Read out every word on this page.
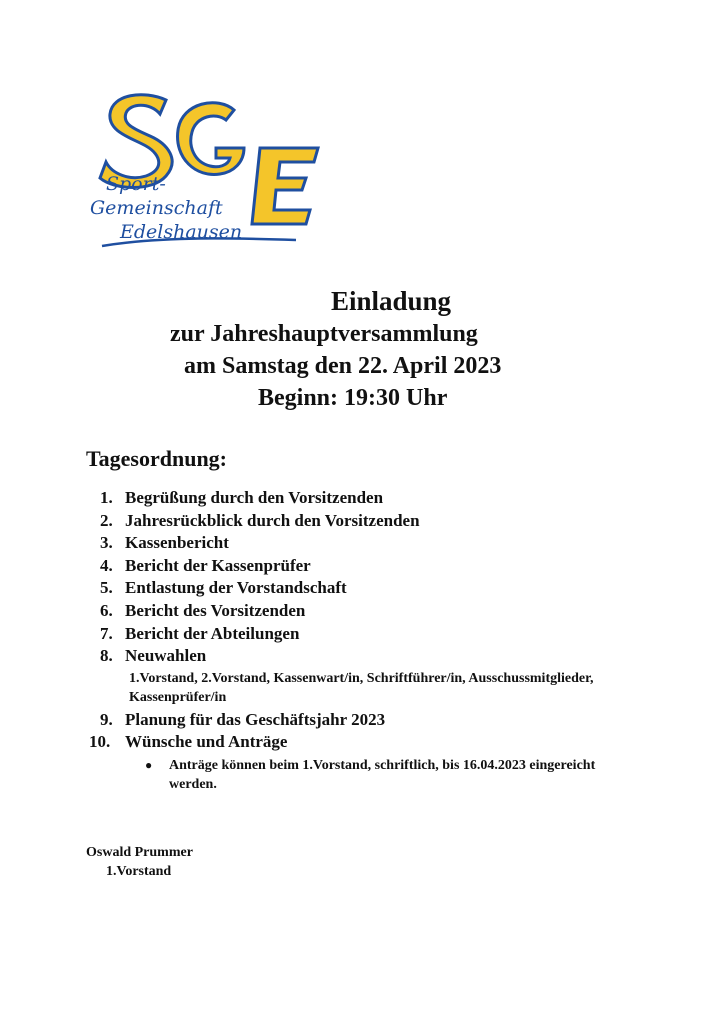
Sport-
Gemeinschaft
Edelshausen
Einladung
zur Jahreshauptversammlung
am Samstag den 22. April 2023
Beginn: 19:30 Uhr
Tagesordnung:
1. Begrüßung durch den Vorsitzenden
2. Jahresrückblick durch den Vorsitzenden
3. Kassenbericht
4. Bericht der Kassenprüfer
5. Entlastung der Vorstandschaft
6. Bericht des Vorsitzenden
7. Bericht der Abteilungen
8. Neuwahlen
1.Vorstand, 2.Vorstand, Kassenwart/in, Schriftführer/in, Ausschussmitglieder, Kassenprüfer/in
9. Planung für das Geschäftsjahr 2023
10. Wünsche und Anträge
● Anträge können beim 1.Vorstand, schriftlich, bis 16.04.2023 eingereicht werden.
Oswald Prummer
1.Vorstand
